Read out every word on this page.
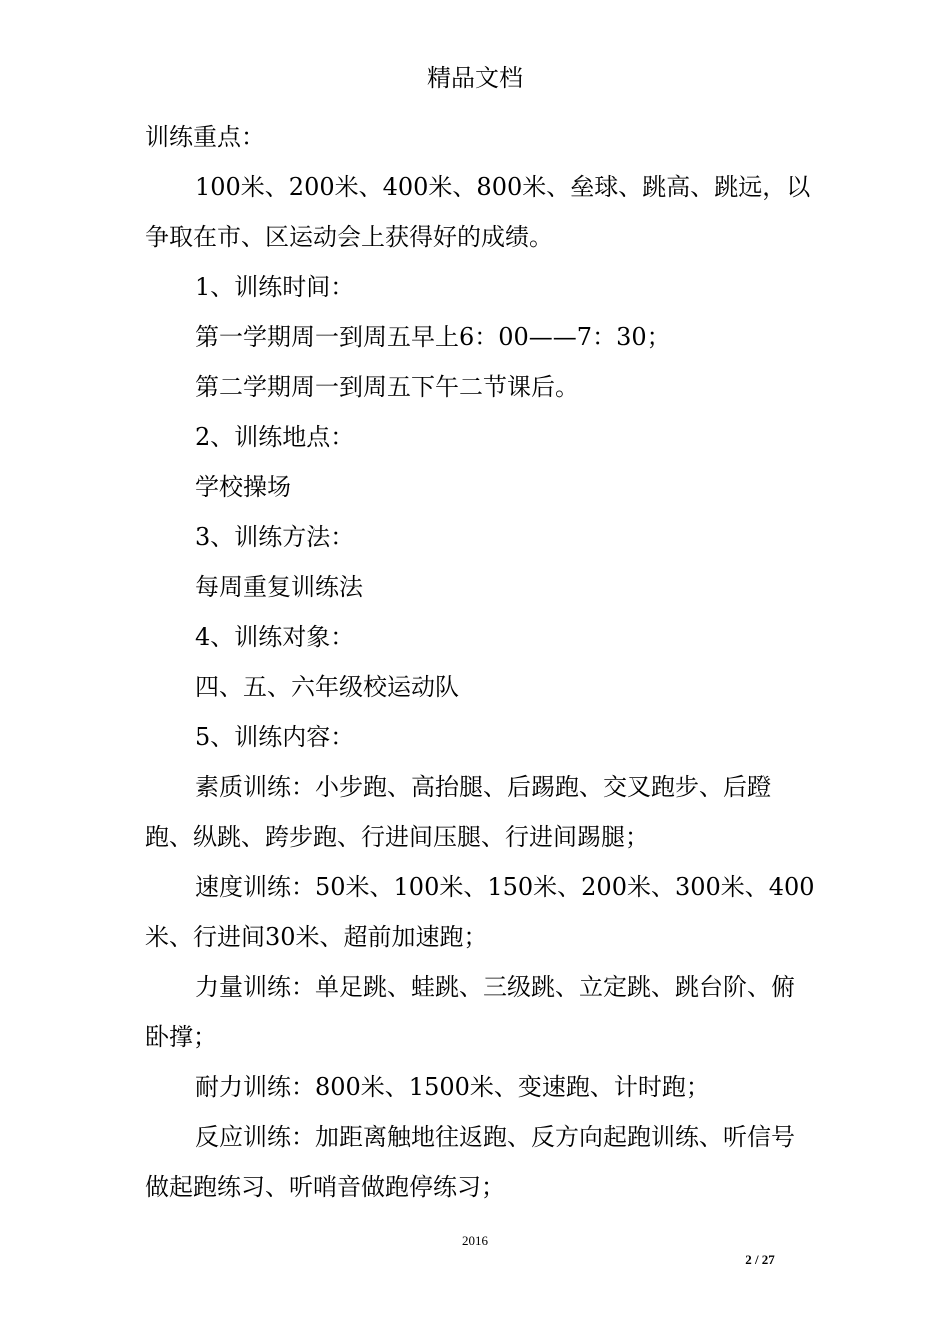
精品文档

训练重点：

100米、200米、400米、800米、垒球、跳高、跳远，以争取在市、区运动会上获得好的成绩。

1、训练时间：

第一学期周一到周五早上6：00——7：30；

第二学期周一到周五下午二节课后。

2、训练地点：

学校操场

3、训练方法：

每周重复训练法

4、训练对象：

四、五、六年级校运动队

5、训练内容：

素质训练：小步跑、高抬腿、后踢跑、交叉跑步、后蹬跑、纵跳、跨步跑、行进间压腿、行进间踢腿；

速度训练：50米、100米、150米、200米、300米、400米、行进间30米、超前加速跑；

力量训练：单足跳、蛙跳、三级跳、立定跳、跳台阶、俯卧撑；

耐力训练：800米、1500米、变速跑、计时跑；

反应训练：加距离触地往返跑、反方向起跑训练、听信号做起跑练习、听哨音做跑停练习；

2016
2 / 27
